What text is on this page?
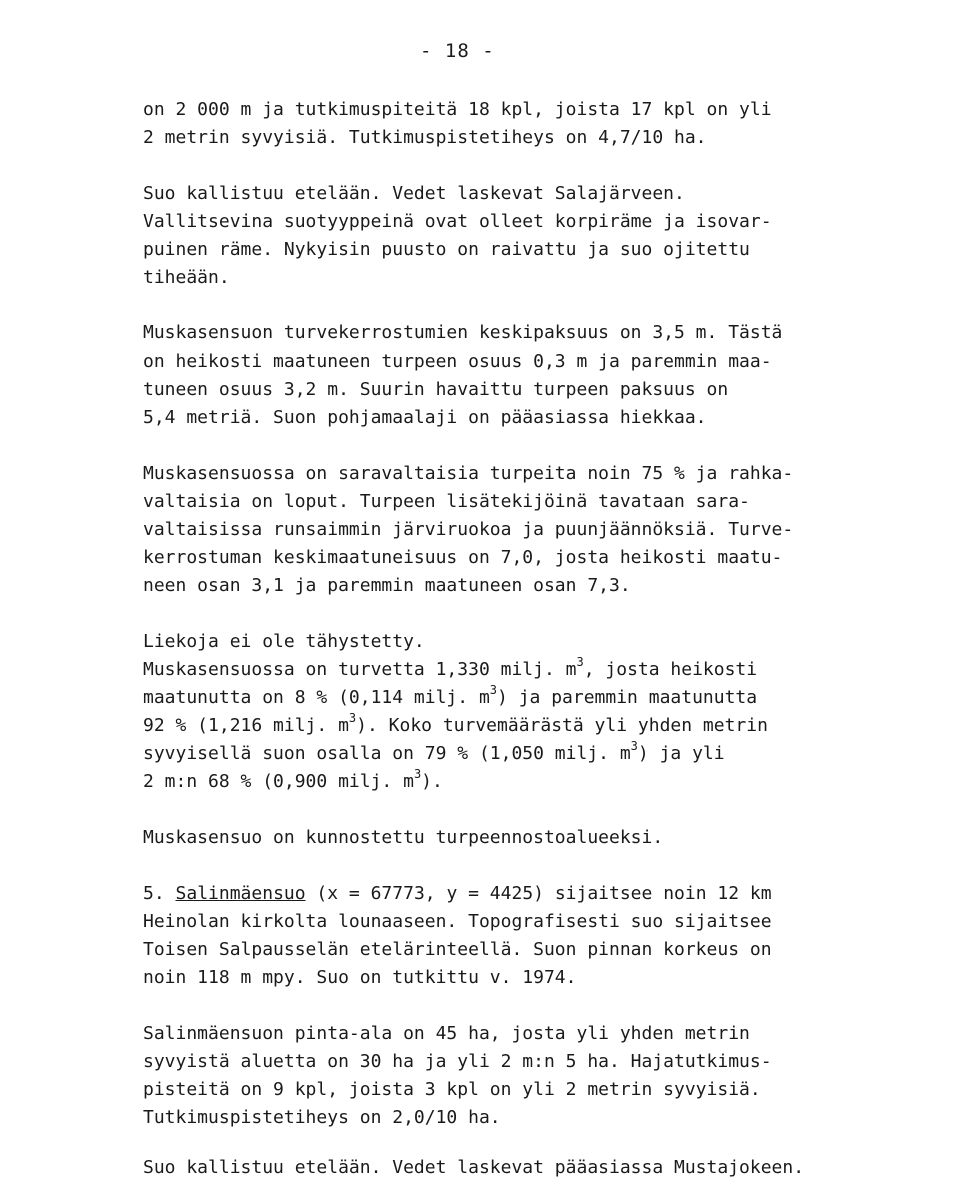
- 18 -
on 2 000 m ja tutkimuspiteitä 18 kpl, joista 17 kpl on yli
2 metrin syvyisiä. Tutkimuspistetiheys on 4,7/10 ha.
Suo kallistuu etelään. Vedet laskevat Salajärveen.
Vallitsevina suotyyppeinä ovat olleet korpiräme ja isovar-
puinen räme. Nykyisin puusto on raivattu ja suo ojitettu
tiheään.
Muskasensuon turvekerrostumien keskipaksuus on 3,5 m. Tästä
on heikosti maatuneen turpeen osuus 0,3 m ja paremmin maa-
tuneen osuus 3,2 m. Suurin havaittu turpeen paksuus on
5,4 metriä. Suon pohjamaalaji on pääasiassa hiekkaa.
Muskasensuossa on saravaltaisia turpeita noin 75 % ja rahka-
valtaisia on loput. Turpeen lisätekijöinä tavataan sara-
valtaisissa runsaimmin järviruokoa ja puunjäännöksiä. Turve-
kerrostuman keskimaatuneisuus on 7,0, josta heikosti maatu-
neen osan 3,1 ja paremmin maatuneen osan 7,3.
Liekoja ei ole tähystetty.
Muskasensuossa on turvetta 1,330 milj. $m^3$, josta heikosti
maatunutta on 8 % (0,114 milj. $m^3$) ja paremmin maatunutta
92 % (1,216 milj. $m^3$). Koko turvemäärästä yli yhden metrin
syvyisellä suon osalla on 79 % (1,050 milj. $m^3$) ja yli
2 m:n 68 % (0,900 milj. $m^3$).
Muskasensuo on kunnostettu turpeennostoalueeksi.
5. Salinmäensuo (x = 67773, y = 4425) sijaitsee noin 12 km
Heinolan kirkolta lounaaseen. Topografisesti suo sijaitsee
Toisen Salpausselän etelärinteellä. Suon pinnan korkeus on
noin 118 m mpy. Suo on tutkittu v. 1974.
Salinmäensuon pinta-ala on 45 ha, josta yli yhden metrin
syvyistä aluetta on 30 ha ja yli 2 m:n 5 ha. Hajatutkimus-
pisteitä on 9 kpl, joista 3 kpl on yli 2 metrin syvyisiä.
Tutkimuspistetiheys on 2,0/10 ha.
Suo kallistuu etelään. Vedet laskevat pääasiassa Mustajokeen.
